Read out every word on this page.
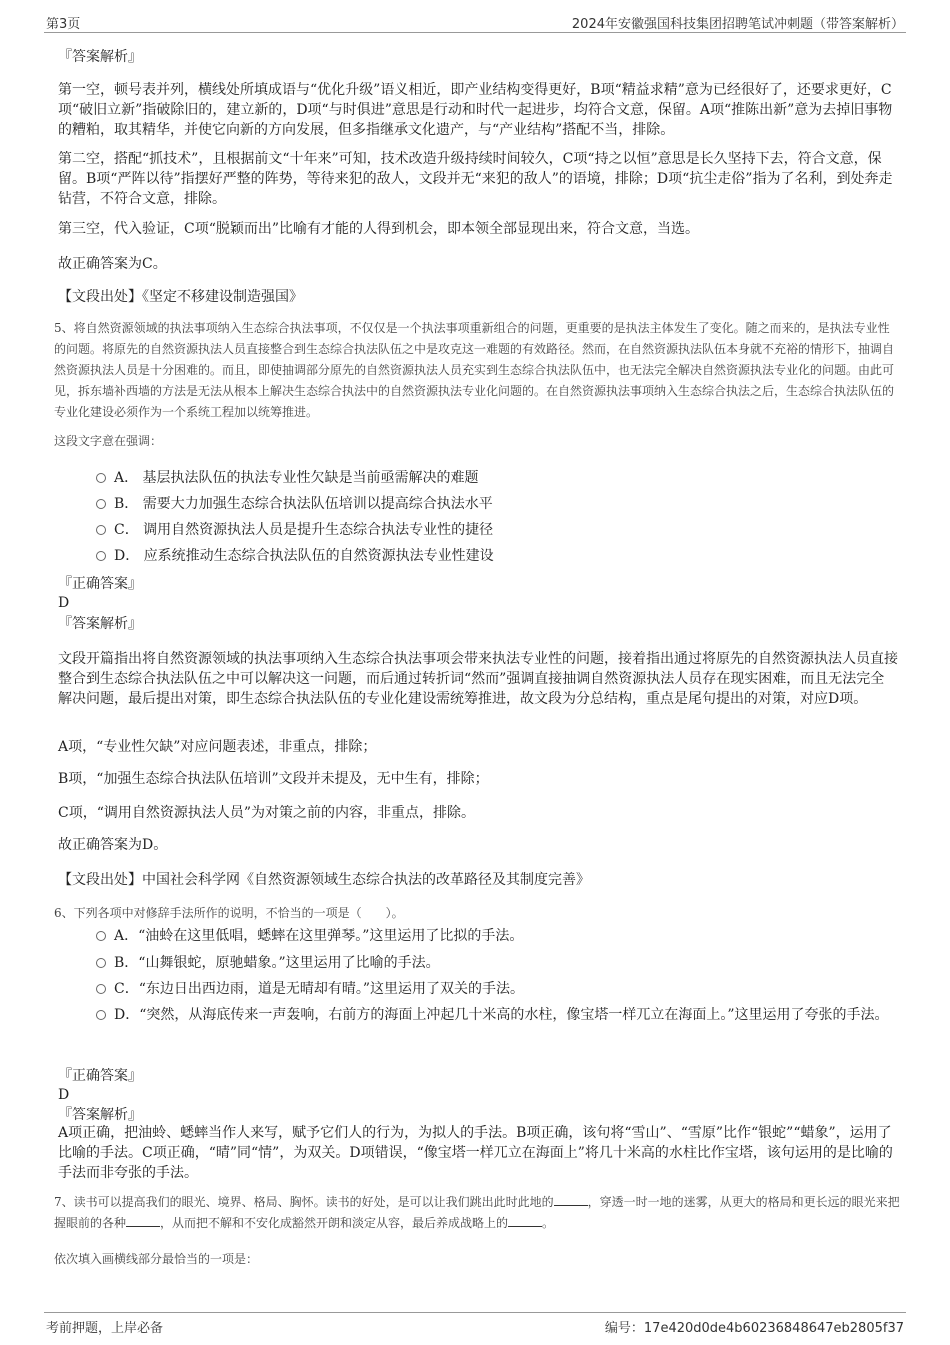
第3页	2024年安徽强国科技集团招聘笔试冲刺题（带答案解析）

『答案解析』

第一空，顿号表并列，横线处所填成语与“优化升级”语义相近，即产业结构变得更好，B项“精益求精”意为已经很好了，还要求更好，C项“破旧立新”指破除旧的，建立新的，D项“与时俱进”意思是行动和时代一起进步，均符合文意，保留。A项“推陈出新”意为去掉旧事物的糟粕，取其精华，并使它向新的方向发展，但多指继承文化遗产，与“产业结构”搭配不当，排除。

第二空，搭配“抓技术”，且根据前文“十年来”可知，技术改造升级持续时间较久，C项“持之以恒”意思是长久坚持下去，符合文意，保留。B项“严阵以待”指摆好严整的阵势，等待来犯的敌人，文段并无“来犯的敌人”的语境，排除；D项“抗尘走俗”指为了名利，到处奔走钻营，不符合文意，排除。

第三空，代入验证，C项“脱颖而出”比喻有才能的人得到机会，即本领全部显现出来，符合文意，当选。

故正确答案为C。

【文段出处】《坚定不移建设制造强国》

5、将自然资源领域的执法事项纳入生态综合执法事项，不仅仅是一个执法事项重新组合的问题，更重要的是执法主体发生了变化。随之而来的，是执法专业性的问题。将原先的自然资源执法人员直接整合到生态综合执法队伍之中是攻克这一难题的有效路径。然而，在自然资源执法队伍本身就不充裕的情形下，抽调自然资源执法人员是十分困难的。而且，即使抽调部分原先的自然资源执法人员充实到生态综合执法队伍中，也无法完全解决自然资源执法专业化的问题。由此可见，拆东墙补西墙的方法是无法从根本上解决生态综合执法中的自然资源执法专业化问题的。在自然资源执法事项纳入生态综合执法之后，生态综合执法队伍的专业化建设必须作为一个系统工程加以统筹推进。

这段文字意在强调：

A． 基层执法队伍的执法专业性欠缺是当前亟需解决的难题
B． 需要大力加强生态综合执法队伍培训以提高综合执法水平
C． 调用自然资源执法人员是提升生态综合执法专业性的捷径
D． 应系统推动生态综合执法队伍的自然资源执法专业性建设

『正确答案』

D

『答案解析』

文段开篇指出将自然资源领域的执法事项纳入生态综合执法事项会带来执法专业性的问题，接着指出通过将原先的自然资源执法人员直接整合到生态综合执法队伍之中可以解决这一问题，而后通过转折词“然而”强调直接抽调自然资源执法人员存在现实困难，而且无法完全解决问题，最后提出对策，即生态综合执法队伍的专业化建设需统筹推进，故文段为分总结构，重点是尾句提出的对策，对应D项。

A项，“专业性欠缺”对应问题表述，非重点，排除；

B项，“加强生态综合执法队伍培训”文段并未提及，无中生有，排除；

C项，“调用自然资源执法人员”为对策之前的内容，非重点，排除。

故正确答案为D。

【文段出处】中国社会科学网《自然资源领域生态综合执法的改革路径及其制度完善》

6、下列各项中对修辞手法所作的说明，不恰当的一项是（　　）。

A．“油蛉在这里低唱，蟋蟀在这里弹琴。”这里运用了比拟的手法。
B．“山舞银蛇，原驰蜡象。”这里运用了比喻的手法。
C．“东边日出西边雨，道是无晴却有晴。”这里运用了双关的手法。
D．“突然，从海底传来一声轰响，右前方的海面上冲起几十米高的水柱，像宝塔一样兀立在海面上。”这里运用了夸张的手法。

『正确答案』

D

『答案解析』

A项正确，把油蛉、蟋蟀当作人来写，赋予它们人的行为，为拟人的手法。B项正确，该句将“雪山”、“雪原”比作“银蛇”“蜡象”，运用了比喻的手法。C项正确，“晴”同“情”，为双关。D项错误，“像宝塔一样兀立在海面上”将几十米高的水柱比作宝塔，该句运用的是比喻的手法而非夸张的手法。

7、读书可以提高我们的眼光、境界、格局、胸怀。读书的好处，是可以让我们跳出此时此地的	，穿透一时一地的迷雾，从更大的格局和更长远的眼光来把握眼前的各种	，从而把不解和不安化成豁然开朗和淡定从容，最后养成战略上的	。

依次填入画横线部分最恰当的一项是：

考前押题，上岸必备	编号：17e420d0de4b60236848647eb2805f37
